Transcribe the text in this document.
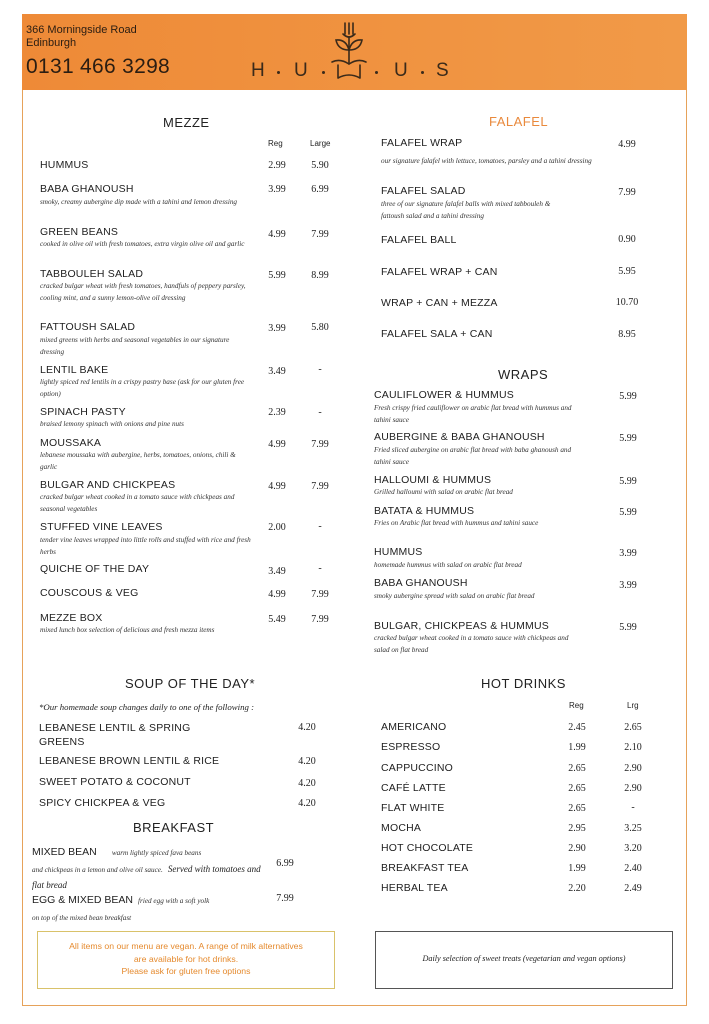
366 Morningside Road
Edinburgh
0131 466 3298	H U	U S
MEZZE
Reg	Large
HUMMUS	2.99	5.90
BABA GHANOUSH
smoky, creamy aubergine dip made with a tahini and lemon dressing
3.99	6.99
GREEN BEANS
cooked in olive oil with fresh tomatoes, extra virgin olive oil and garlic
4.99	7.99
TABBOULEH SALAD
cracked bulgar wheat with fresh tomatoes, handfuls of peppery parsley, cooling mint, and a sunny lemon-olive oil dressing
5.99	8.99
FATTOUSH SALAD
mixed greens with herbs and seasonal vegetables in our signature dressing
3.99	5.80
LENTIL BAKE
lightly spiced red lentils in a crispy pastry base (ask for our gluten free option)
3.49	-
SPINACH PASTY
braised lemony spinach with onions and pine nuts
2.39	-
MOUSSAKA
lebanese moussaka with aubergine, herbs, tomatoes, onions, chili & garlic
4.99	7.99
BULGAR AND CHICKPEAS
cracked bulgar wheat cooked in a tomato sauce with chickpeas and seasonal vegetables
4.99	7.99
STUFFED VINE LEAVES
tender vine leaves wrapped into little rolls and stuffed with rice and fresh herbs
2.00	-
QUICHE OF THE DAY	3.49	-
COUSCOUS & VEG	4.99	7.99
MEZZE BOX
mixed lunch box selection of delicious and fresh mezza items
5.49	7.99
FALAFEL
FALAFEL WRAP
our signature falafel with lettuce, tomatoes, parsley and a tahini dressing
4.99
FALAFEL SALAD
three of our signature falafel balls with mixed tabbouleh & fattoush salad and a tahini dressing
7.99
FALAFEL BALL	0.90
FALAFEL WRAP + CAN	5.95
WRAP + CAN + MEZZA	10.70
FALAFEL SALA + CAN	8.95
WRAPS
CAULIFLOWER & HUMMUS
Fresh crispy fried cauliflower on arabic flat bread with hummus and tahini sauce
5.99
AUBERGINE & BABA GHANOUSH
Fried sliced aubergine on arabic flat bread with baba ghanoush and tahini sauce
5.99
HALLOUMI & HUMMUS
Grilled halloumi with salad on arabic flat bread
5.99
BATATA & HUMMUS
Fries on Arabic flat bread with hummus and tahini sauce
5.99
HUMMUS
homemade hummus with salad on arabic flat bread
3.99
BABA GHANOUSH
smoky aubergine spread with salad on arabic flat bread
3.99
BULGAR, CHICKPEAS & HUMMUS
cracked bulgar wheat cooked in a tomato sauce with chickpeas and salad on flat bread
5.99
SOUP OF THE DAY*
*Our homemade soup changes daily to one of the following :
LEBANESE LENTIL & SPRING GREENS
4.20
LEBANESE BROWN LENTIL & RICE	4.20
SWEET POTATO & COCONUT	4.20
SPICY CHICKPEA & VEG	4.20
BREAKFAST
MIXED BEAN warm lightly spiced fava beans
and chickpeas in a lemon and olive oil sauce. Served with tomatoes and flat bread
6.99
EGG & MIXED BEAN fried egg with a soft yolk
on top of the mixed bean breakfast
7.99
HOT DRINKS
Reg	Lrg
AMERICANO	2.45	2.65
ESPRESSO	1.99	2.10
CAPPUCCINO	2.65	2.90
CAFÉ LATTE	2.65	2.90
FLAT WHITE	2.65	-
MOCHA	2.95	3.25
HOT CHOCOLATE	2.90	3.20
BREAKFAST TEA	1.99	2.40
HERBAL TEA	2.20	2.49
All items on our menu are vegan. A range of milk alternatives
are available for hot drinks.
Please ask for gluten free options
Daily selection of sweet treats (vegetarian and vegan options)
